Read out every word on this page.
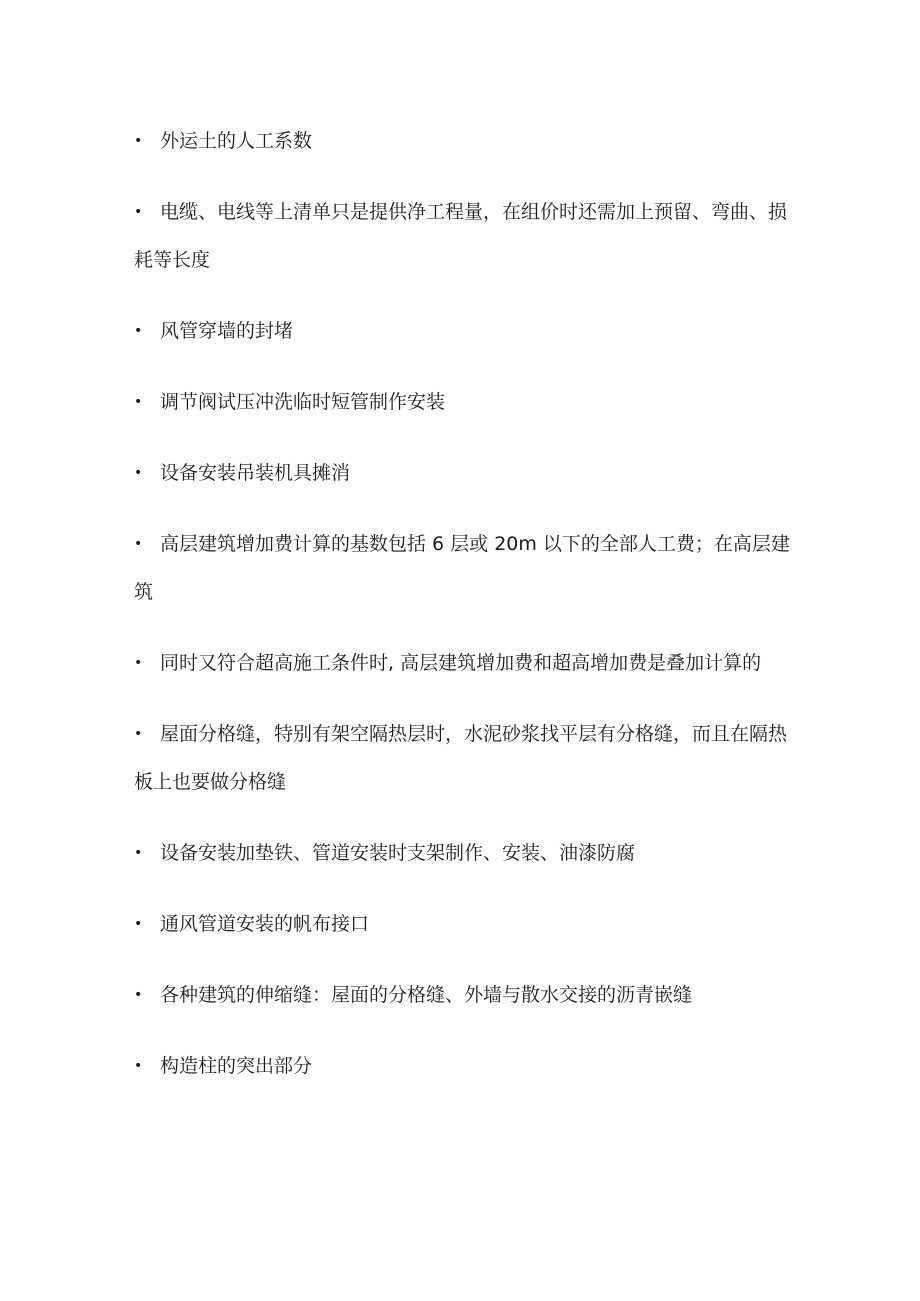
• 外运土的人工系数
• 电缆、电线等上清单只是提供净工程量，在组价时还需加上预留、弯曲、损耗等长度
• 风管穿墙的封堵
• 调节阀试压冲洗临时短管制作安装
• 设备安装吊装机具摊消
• 高层建筑增加费计算的基数包括 6 层或 20m 以下的全部人工费；在高层建筑
• 同时又符合超高施工条件时, 高层建筑增加费和超高增加费是叠加计算的
• 屋面分格缝，特别有架空隔热层时，水泥砂浆找平层有分格缝，而且在隔热板上也要做分格缝
• 设备安装加垫铁、管道安装时支架制作、安装、油漆防腐
• 通风管道安装的帆布接口
• 各种建筑的伸缩缝：屋面的分格缝、外墙与散水交接的沥青嵌缝
• 构造柱的突出部分
